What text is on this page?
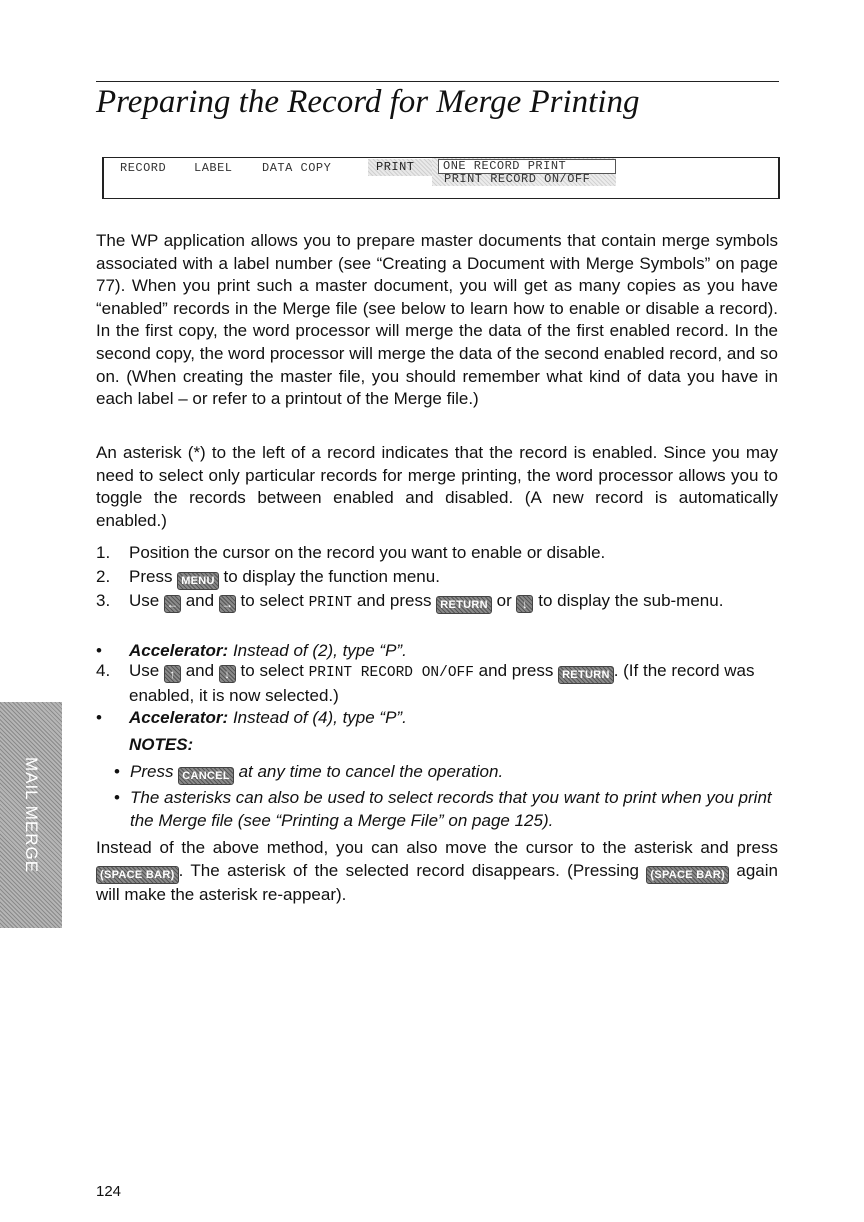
Preparing the Record for Merge Printing
RECORD LABEL DATA COPY	PRINT	ONE RECORD PRINT
PRINT RECORD ON/OFF

The WP application allows you to prepare master documents that contain merge symbols associated with a label number (see “Creating a Document with Merge Symbols” on page 77). When you print such a master document, you will get as many copies as you have “enabled” records in the Merge file (see below to learn how to enable or disable a record). In the first copy, the word processor will merge the data of the first enabled record. In the second copy, the word processor will merge the data of the second enabled record, and so on. (When creating the master file, you should remember what kind of data you have in each label – or refer to a printout of the Merge file.)

An asterisk (*) to the left of a record indicates that the record is enabled. Since you may need to select only particular records for merge printing, the word processor allows you to toggle the records between enabled and disabled. (A new record is automatically enabled.)

1. Position the cursor on the record you want to enable or disable.
2. Press MENU to display the function menu.
3. Use ← and → to select PRINT and press RETURN or ↓ to display the sub-menu.
• Accelerator: Instead of (2), type “P”.
4. Use ↑ and ↓ to select PRINT RECORD ON/OFF and press RETURN . (If the record was enabled, it is now selected.)
• Accelerator: Instead of (4), type “P”.

NOTES:

• Press CANCEL at any time to cancel the operation.
• The asterisks can also be used to select records that you want to print when you print the Merge file (see “Printing a Merge File” on page 125).

Instead of the above method, you can also move the cursor to the asterisk and press (SPACE BAR) . The asterisk of the selected record disappears. (Pressing (SPACE BAR) again will make the asterisk re-appear).

MAIL MERGE
124
